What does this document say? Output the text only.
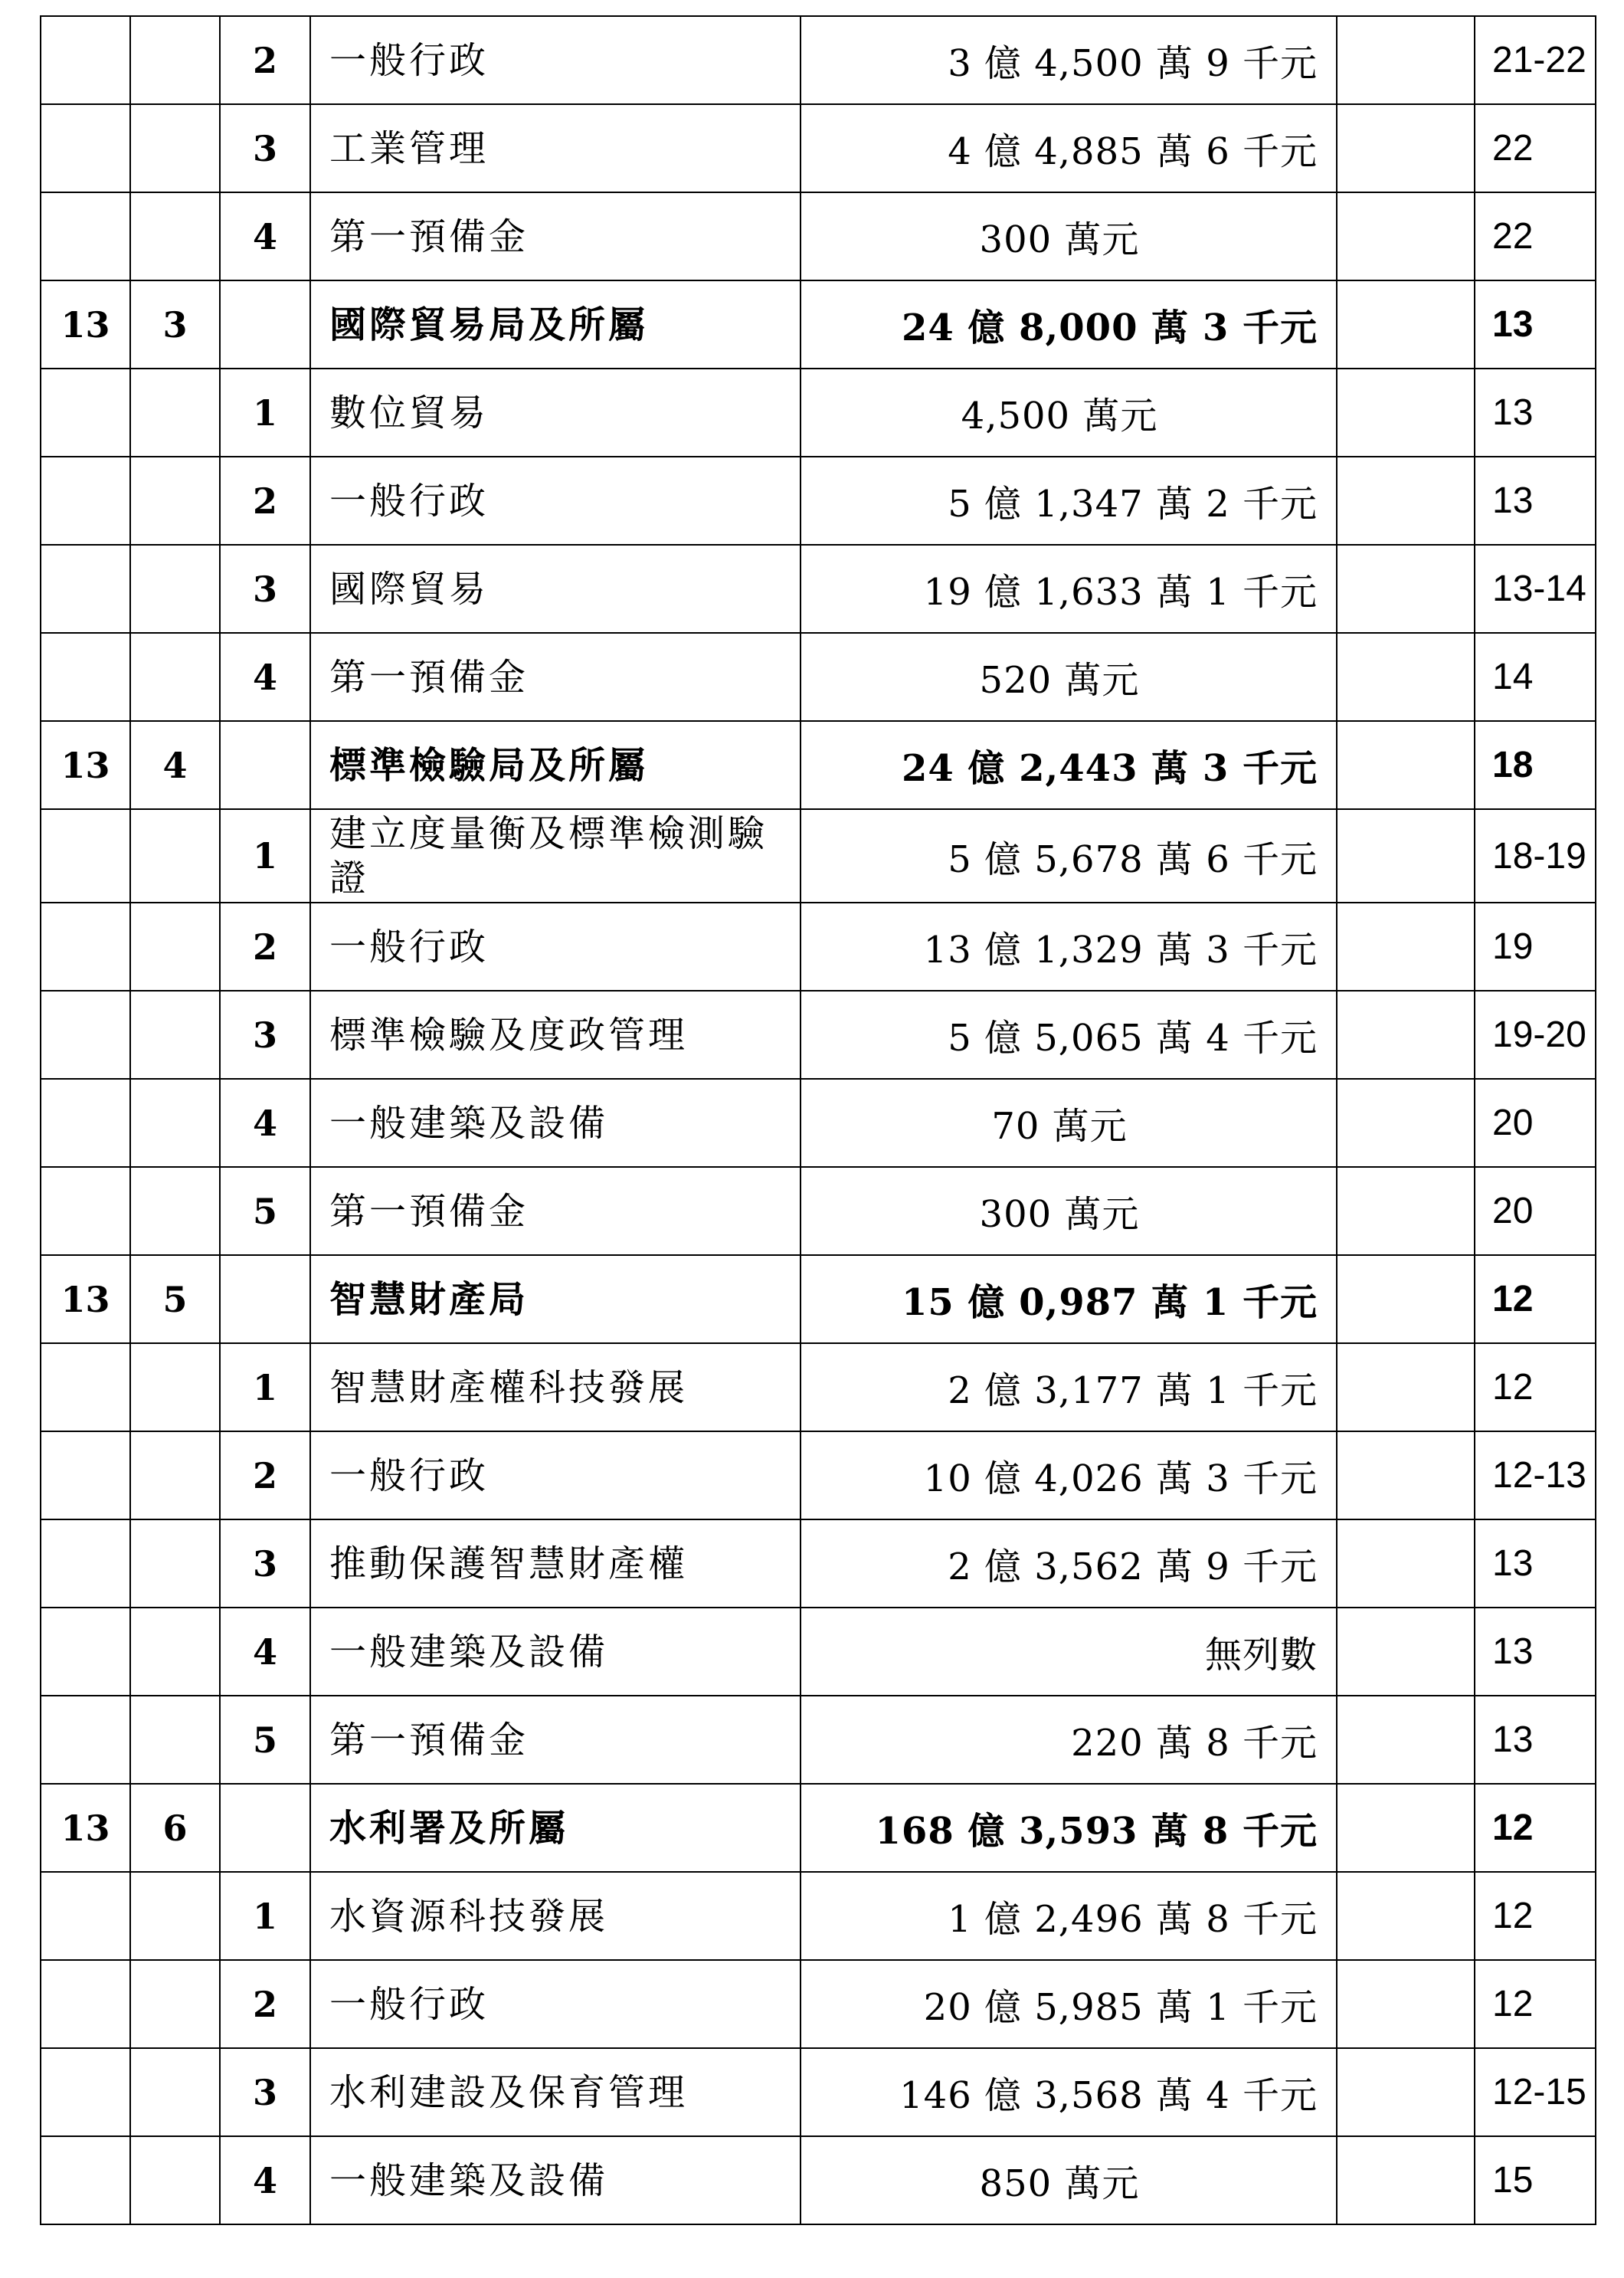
		2	一般行政	3 億 4,500 萬 9 千元		21-22
		3	工業管理	4 億 4,885 萬 6 千元		22
		4	第一預備金	300 萬元		22
13	3		國際貿易局及所屬	24 億 8,000 萬 3 千元		13
		1	數位貿易	4,500 萬元		13
		2	一般行政	5 億 1,347 萬 2 千元		13
		3	國際貿易	19 億 1,633 萬 1 千元		13-14
		4	第一預備金	520 萬元		14
13	4		標準檢驗局及所屬	24 億 2,443 萬 3 千元		18
		1	建立度量衡及標準檢測驗證	5 億 5,678 萬 6 千元		18-19
		2	一般行政	13 億 1,329 萬 3 千元		19
		3	標準檢驗及度政管理	5 億 5,065 萬 4 千元		19-20
		4	一般建築及設備	70 萬元		20
		5	第一預備金	300 萬元		20
13	5		智慧財產局	15 億 0,987 萬 1 千元		12
		1	智慧財產權科技發展	2 億 3,177 萬 1 千元		12
		2	一般行政	10 億 4,026 萬 3 千元		12-13
		3	推動保護智慧財產權	2 億 3,562 萬 9 千元		13
		4	一般建築及設備	無列數		13
		5	第一預備金	220 萬 8 千元		13
13	6		水利署及所屬	168 億 3,593 萬 8 千元		12
		1	水資源科技發展	1 億 2,496 萬 8 千元		12
		2	一般行政	20 億 5,985 萬 1 千元		12
		3	水利建設及保育管理	146 億 3,568 萬 4 千元		12-15
		4	一般建築及設備	850 萬元		15
